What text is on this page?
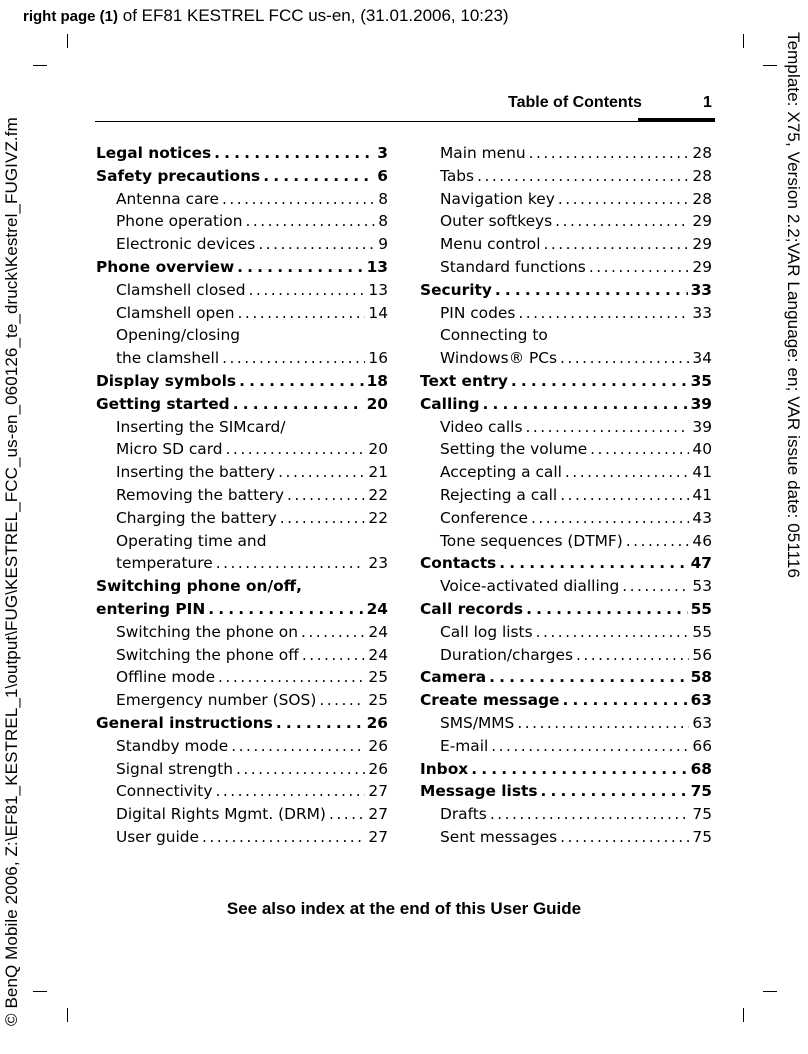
right page (1) of EF81 KESTREL FCC us-en, (31.01.2006, 10:23)
© BenQ Mobile 2006, Z:\EF81_KESTREL_1\output\FUG\KESTREL_FCC_us-en_060126_te_druck\Kestrel_FUGIVZ.fm	Template: X75, Version 2.2;VAR Language: en; VAR issue date: 051116
Table of Contents	1
Legal notices . . .	3
Safety precautions . . .	6
Antenna care . . .	8
Phone operation . . .	8
Electronic devices . . .	9
Phone overview . . .	13
Clamshell closed . . .	13
Clamshell open . . .	14
Opening/closing
the clamshell . . .	16
Display symbols . . .	18
Getting started . . .	20
Inserting the SIMcard/
Micro SD card . . .	20
Inserting the battery . . .	21
Removing the battery . . .	22
Charging the battery . . .	22
Operating time and
temperature . . .	23
Switching phone on/off,
entering PIN . . .	24
Switching the phone on . . .	24
Switching the phone off . . .	24
Offline mode . . .	25
Emergency number (SOS) . . .	25
General instructions . . .	26
Standby mode . . .	26
Signal strength . . .	26
Connectivity . . .	27
Digital Rights Mgmt. (DRM) . . .	27
User guide . . .	27
Main menu . . .	28
Tabs . . .	28
Navigation key . . .	28
Outer softkeys . . .	29
Menu control . . .	29
Standard functions . . .	29
Security . . .	33
PIN codes . . .	33
Connecting to
Windows® PCs . . .	34
Text entry . . .	35
Calling . . .	39
Video calls . . .	39
Setting the volume . . .	40
Accepting a call . . .	41
Rejecting a call . . .	41
Conference . . .	43
Tone sequences (DTMF) . . .	46
Contacts . . .	47
Voice-activated dialling . . .	53
Call records . . .	55
Call log lists . . .	55
Duration/charges . . .	56
Camera . . .	58
Create message . . .	63
SMS/MMS . . .	63
E-mail . . .	66
Inbox . . .	68
Message lists . . .	75
Drafts . . .	75
Sent messages . . .	75
See also index at the end of this User Guide
